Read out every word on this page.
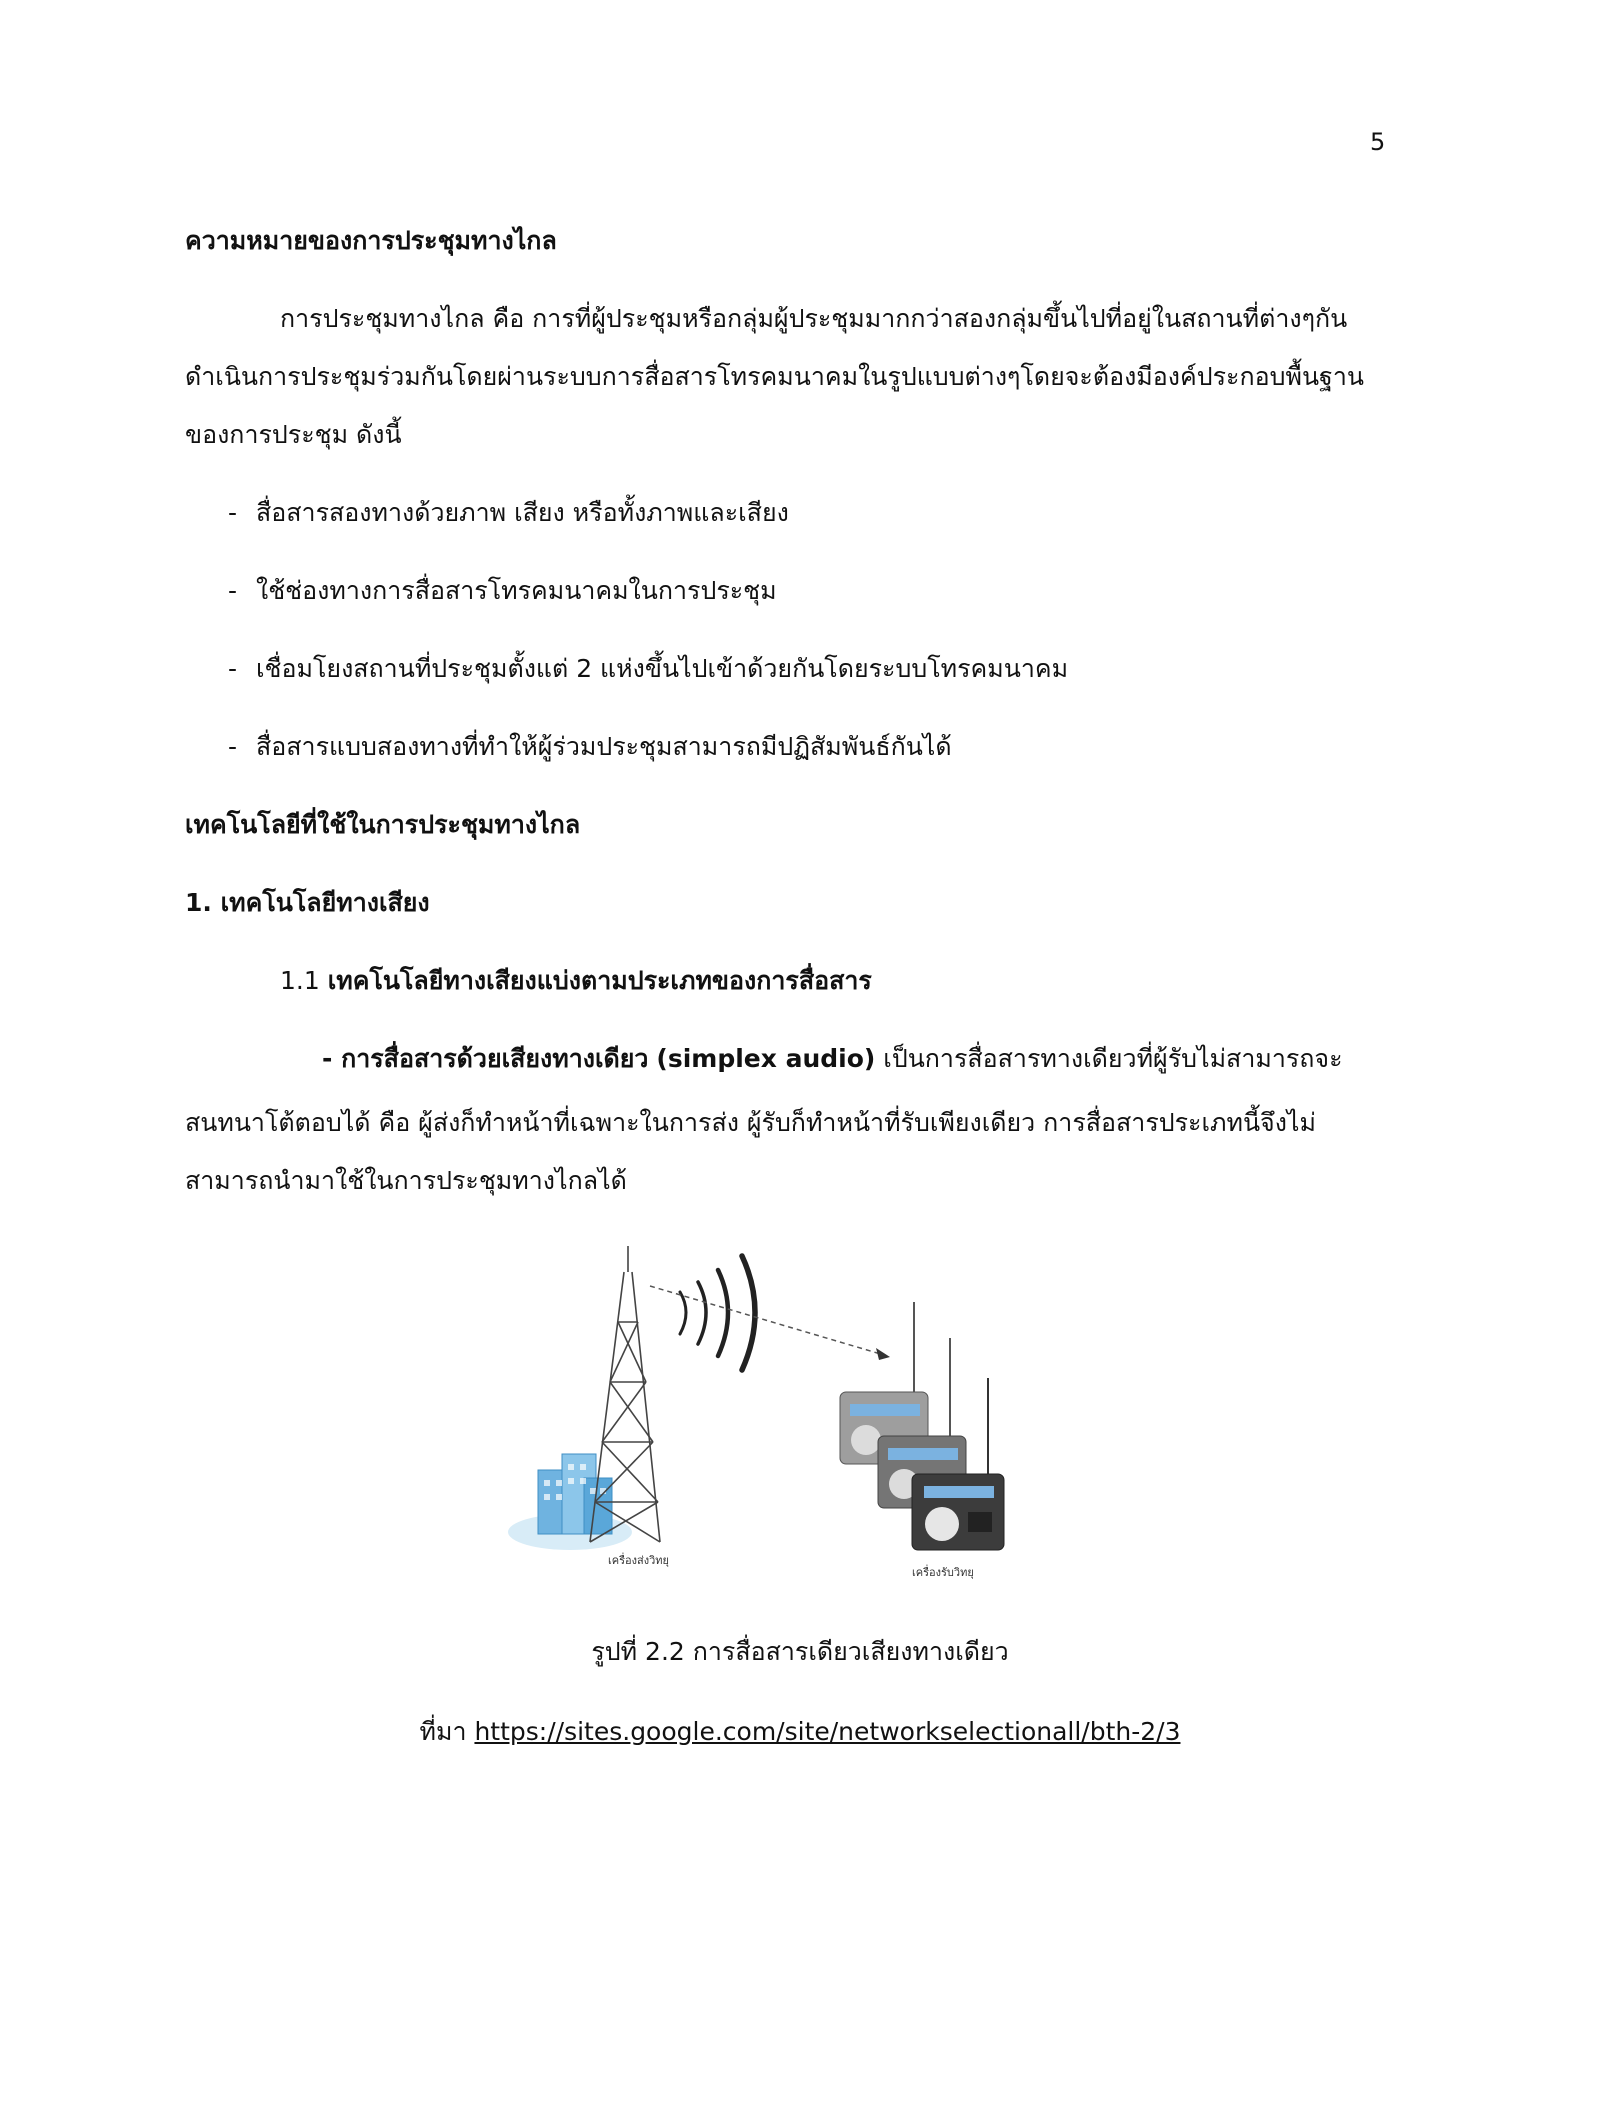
5
ความหมายของการประชุมทางไกล
การประชุมทางไกล คือ การที่ผู้ประชุมหรือกลุ่มผู้ประชุมมากกว่าสองกลุ่มขึ้นไปที่อยู่ในสถานที่ต่างๆกัน
ดำเนินการประชุมร่วมกันโดยผ่านระบบการสื่อสารโทรคมนาคมในรูปแบบต่างๆโดยจะต้องมีองค์ประกอบพื้นฐาน
ของการประชุม ดังนี้
- สื่อสารสองทางด้วยภาพ เสียง หรือทั้งภาพและเสียง
- ใช้ช่องทางการสื่อสารโทรคมนาคมในการประชุม
- เชื่อมโยงสถานที่ประชุมตั้งแต่ 2 แห่งขึ้นไปเข้าด้วยกันโดยระบบโทรคมนาคม
- สื่อสารแบบสองทางที่ทำให้ผู้ร่วมประชุมสามารถมีปฏิสัมพันธ์กันได้
เทคโนโลยีที่ใช้ในการประชุมทางไกล
1. เทคโนโลยีทางเสียง
1.1 เทคโนโลยีทางเสียงแบ่งตามประเภทของการสื่อสาร
- การสื่อสารด้วยเสียงทางเดียว (simplex audio) เป็นการสื่อสารทางเดียวที่ผู้รับไม่สามารถจะ
สนทนาโต้ตอบได้ คือ ผู้ส่งก็ทำหน้าที่เฉพาะในการส่ง ผู้รับก็ทำหน้าที่รับเพียงเดียว การสื่อสารประเภทนี้จึงไม่
สามารถนำมาใช้ในการประชุมทางไกลได้
เครื่องส่งวิทยุ
เครื่องรับวิทยุ
รูปที่ 2.2 การสื่อสารเดียวเสียงทางเดียว
ที่มา https://sites.google.com/site/networkselectionall/bth-2/3
